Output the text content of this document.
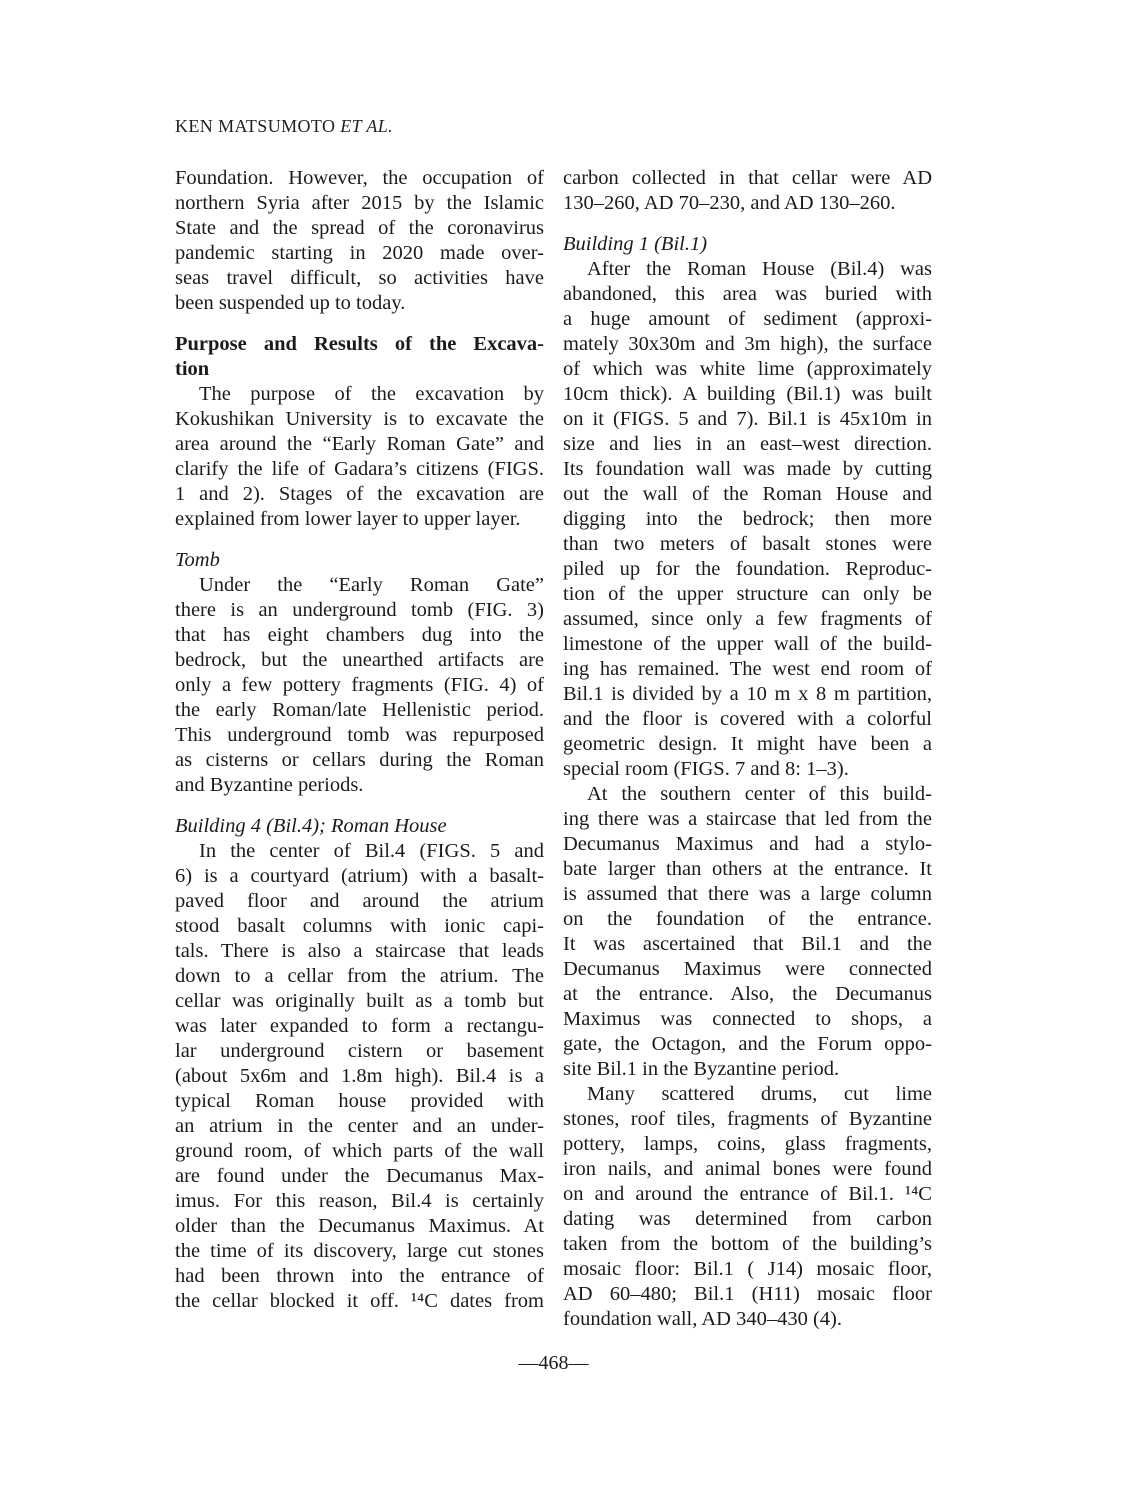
KEN MATSUMOTO ET AL.
Foundation. However, the occupation of
northern Syria after 2015 by the Islamic
State and the spread of the coronavirus
pandemic starting in 2020 made over-
seas travel difficult, so activities have
been suspended up to today.
Purpose and Results of the Excava-
tion
The purpose of the excavation by
Kokushikan University is to excavate the
area around the “Early Roman Gate” and
clarify the life of Gadara’s citizens (FIGS.
1 and 2). Stages of the excavation are
explained from lower layer to upper layer.
Tomb
Under the “Early Roman Gate”
there is an underground tomb (FIG. 3)
that has eight chambers dug into the
bedrock, but the unearthed artifacts are
only a few pottery fragments (FIG. 4) of
the early Roman/late Hellenistic period.
This underground tomb was repurposed
as cisterns or cellars during the Roman
and Byzantine periods.
Building 4 (Bil.4); Roman House
In the center of Bil.4 (FIGS. 5 and
6) is a courtyard (atrium) with a basalt-
paved floor and around the atrium
stood basalt columns with ionic capi-
tals. There is also a staircase that leads
down to a cellar from the atrium. The
cellar was originally built as a tomb but
was later expanded to form a rectangu-
lar underground cistern or basement
(about 5x6m and 1.8m high). Bil.4 is a
typical Roman house provided with
an atrium in the center and an under-
ground room, of which parts of the wall
are found under the Decumanus Max-
imus. For this reason, Bil.4 is certainly
older than the Decumanus Maximus. At
the time of its discovery, large cut stones
had been thrown into the entrance of
the cellar blocked it off. ¹⁴C dates from
carbon collected in that cellar were AD
130–260, AD 70–230, and AD 130–260.
Building 1 (Bil.1)
After the Roman House (Bil.4) was
abandoned, this area was buried with
a huge amount of sediment (approxi-
mately 30x30m and 3m high), the surface
of which was white lime (approximately
10cm thick). A building (Bil.1) was built
on it (FIGS. 5 and 7). Bil.1 is 45x10m in
size and lies in an east–west direction.
Its foundation wall was made by cutting
out the wall of the Roman House and
digging into the bedrock; then more
than two meters of basalt stones were
piled up for the foundation. Reproduc-
tion of the upper structure can only be
assumed, since only a few fragments of
limestone of the upper wall of the build-
ing has remained. The west end room of
Bil.1 is divided by a 10 m x 8 m partition,
and the floor is covered with a colorful
geometric design. It might have been a
special room (FIGS. 7 and 8: 1–3).
At the southern center of this build-
ing there was a staircase that led from the
Decumanus Maximus and had a stylo-
bate larger than others at the entrance. It
is assumed that there was a large column
on the foundation of the entrance.
It was ascertained that Bil.1 and the
Decumanus Maximus were connected
at the entrance. Also, the Decumanus
Maximus was connected to shops, a
gate, the Octagon, and the Forum oppo-
site Bil.1 in the Byzantine period.
Many scattered drums, cut lime
stones, roof tiles, fragments of Byzantine
pottery, lamps, coins, glass fragments,
iron nails, and animal bones were found
on and around the entrance of Bil.1. ¹⁴C
dating was determined from carbon
taken from the bottom of the building’s
mosaic floor: Bil.1 ( J14) mosaic floor,
AD 60–480; Bil.1 (H11) mosaic floor
foundation wall, AD 340–430 (4).
—468—
